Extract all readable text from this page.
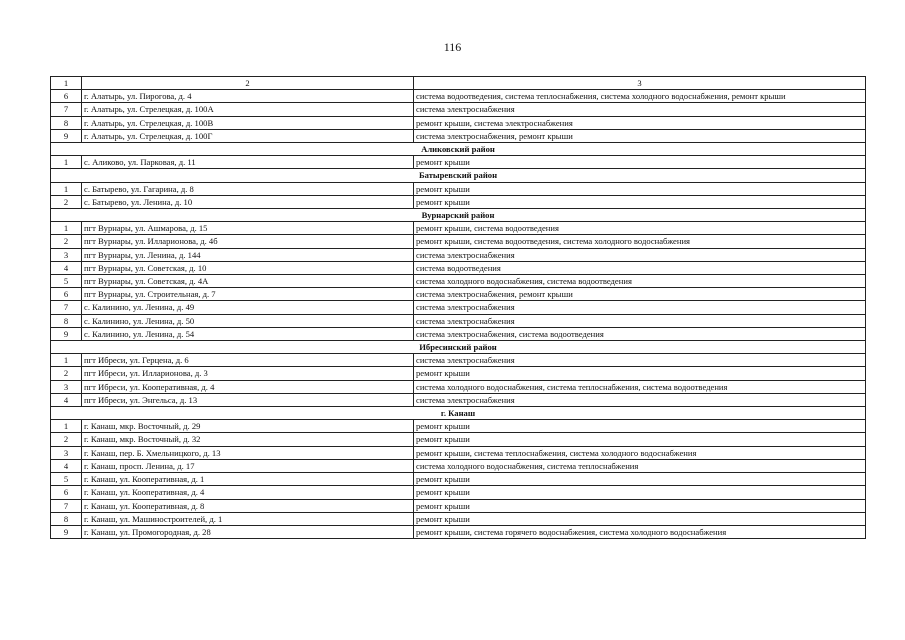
116
1	2	3
6	г. Алатырь, ул. Пирогова, д. 4	система водоотведения, система теплоснабжения, система холодного водоснабжения, ремонт крыши
7	г. Алатырь, ул. Стрелецкая, д. 100А	система электроснабжения
8	г. Алатырь, ул. Стрелецкая, д. 100В	ремонт крыши, система электроснабжения
9	г. Алатырь, ул. Стрелецкая, д. 100Г	система электроснабжения, ремонт крыши
Аликовский район		
1	с. Аликово, ул. Парковая, д. 11	ремонт крыши
Батыревский район		
1	с. Батырево, ул. Гагарина, д. 8	ремонт крыши
2	с. Батырево, ул. Ленина, д. 10	ремонт крыши
Вурнарский район		
1	пгт Вурнары, ул. Ашмарова, д. 15	ремонт крыши, система водоотведения
2	пгт Вурнары, ул. Илларионова, д. 4б	ремонт крыши, система водоотведения, система холодного водоснабжения
3	пгт Вурнары, ул. Ленина, д. 144	система электроснабжения
4	пгт Вурнары, ул. Советская, д. 10	система водоотведения
5	пгт Вурнары, ул. Советская, д. 4А	система холодного водоснабжения, система водоотведения
6	пгт Вурнары, ул. Строительная, д. 7	система электроснабжения, ремонт крыши
7	с. Калинино, ул. Ленина, д. 49	система электроснабжения
8	с. Калинино, ул. Ленина, д. 50	система электроснабжения
9	с. Калинино, ул. Ленина, д. 54	система электроснабжения, система водоотведения
Ибресинский район		
1	пгт Ибреси, ул. Герцена, д. 6	система электроснабжения
2	пгт Ибреси, ул. Илларионова, д. 3	ремонт крыши
3	пгт Ибреси, ул. Кооперативная, д. 4	система холодного водоснабжения, система теплоснабжения, система водоотведения
4	пгт Ибреси, ул. Энгельса, д. 13	система электроснабжения
г. Канаш		
1	г. Канаш, мкр. Восточный, д. 29	ремонт крыши
2	г. Канаш, мкр. Восточный, д. 32	ремонт крыши
3	г. Канаш, пер. Б. Хмельницкого, д. 13	ремонт крыши, система теплоснабжения, система холодного водоснабжения
4	г. Канаш, просп. Ленина, д. 17	система холодного водоснабжения, система теплоснабжения
5	г. Канаш, ул. Кооперативная, д. 1	ремонт крыши
6	г. Канаш, ул. Кооперативная, д. 4	ремонт крыши
7	г. Канаш, ул. Кооперативная, д. 8	ремонт крыши
8	г. Канаш, ул. Машиностроителей, д. 1	ремонт крыши
9	г. Канаш, ул. Промогородная, д. 28	ремонт крыши, система горячего водоснабжения, система холодного водоснабжения
